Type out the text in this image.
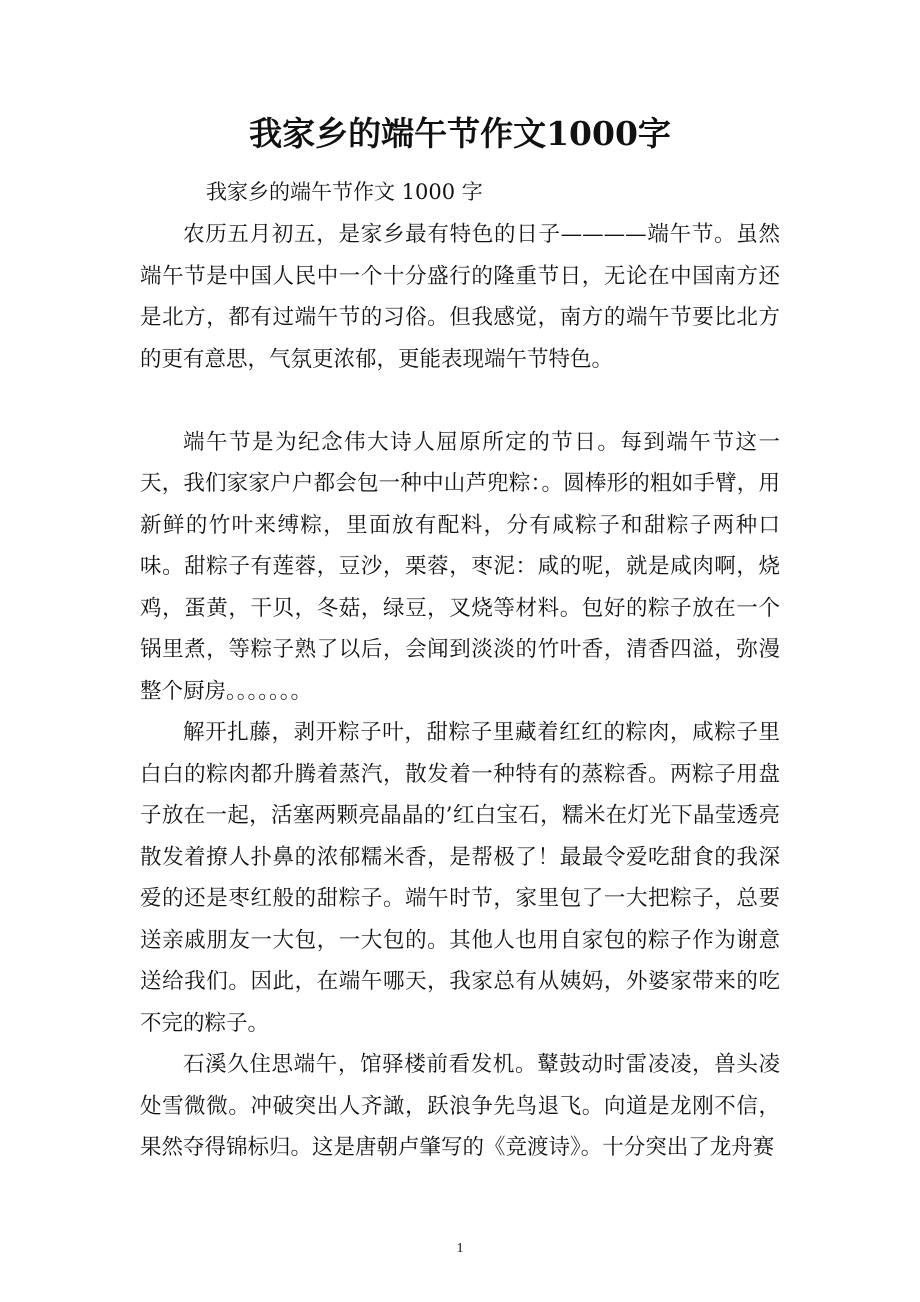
我家乡的端午节作文1000字
我家乡的端午节作文 1000 字

农历五月初五，是家乡最有特色的日子————端午节。虽然端午节是中国人民中一个十分盛行的隆重节日，无论在中国南方还是北方，都有过端午节的习俗。但我感觉，南方的端午节要比北方的更有意思，气氛更浓郁，更能表现端午节特色。

端午节是为纪念伟大诗人屈原所定的节日。每到端午节这一天，我们家家户户都会包一种中山芦兜粽：。圆棒形的粗如手臂，用新鲜的竹叶来缚粽，里面放有配料，分有咸粽子和甜粽子两种口味。甜粽子有莲蓉，豆沙，栗蓉，枣泥：咸的呢，就是咸肉啊，烧鸡，蛋黄，干贝，冬菇，绿豆，叉烧等材料。包好的粽子放在一个锅里煮，等粽子熟了以后，会闻到淡淡的竹叶香，清香四溢，弥漫整个厨房。。。。。。。

解开扎藤，剥开粽子叶，甜粽子里藏着红红的粽肉，咸粽子里白白的粽肉都升腾着蒸汽，散发着一种特有的蒸粽香。两粽子用盘子放在一起，活塞两颗亮晶晶的’红白宝石，糯米在灯光下晶莹透亮散发着撩人扑鼻的浓郁糯米香，是帮极了！最最令爱吃甜食的我深爱的还是枣红般的甜粽子。端午时节，家里包了一大把粽子，总要送亲戚朋友一大包，一大包的。其他人也用自家包的粽子作为谢意送给我们。因此，在端午哪天，我家总有从姨妈，外婆家带来的吃不完的粽子。

石溪久住思端午，馆驿楼前看发机。鼙鼓动时雷凌凌，兽头凌处雪微微。冲破突出人齐譀，跃浪争先鸟退飞。向道是龙刚不信，果然夺得锦标归。这是唐朝卢肇写的《竞渡诗》。十分突出了龙舟赛

1
